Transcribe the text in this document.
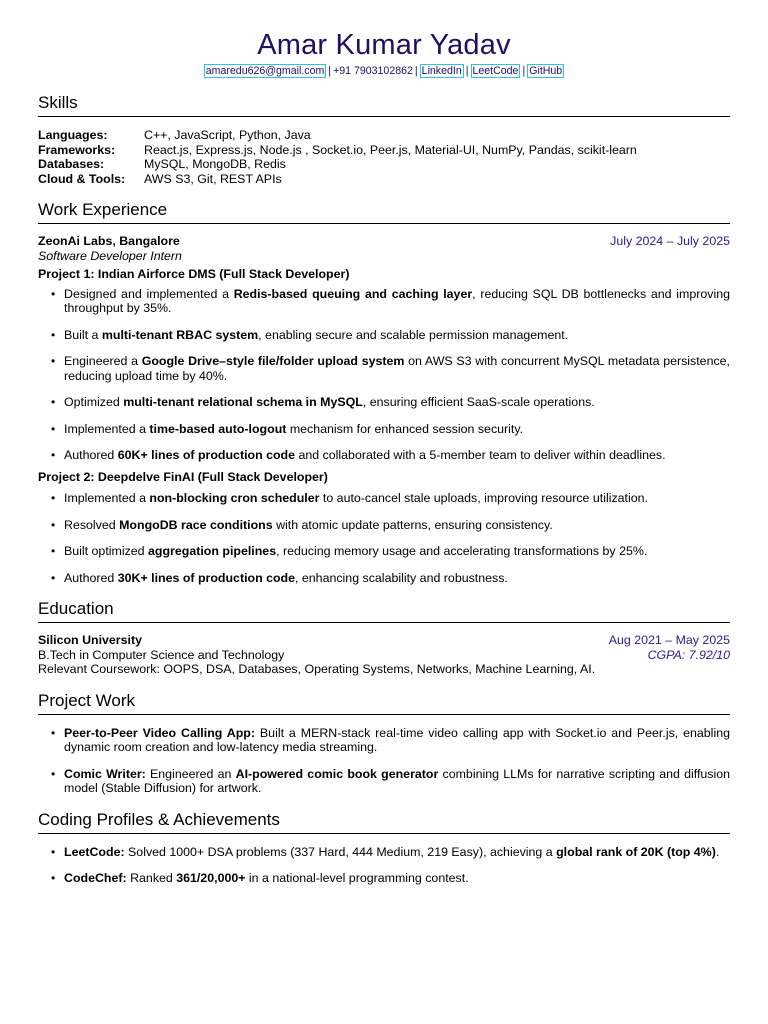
Amar Kumar Yadav
amaredu626@gmail.com | +91 7903102862 | LinkedIn | LeetCode | GitHub
Skills
Languages:	C++, JavaScript, Python, Java
Frameworks:	React.js, Express.js, Node.js , Socket.io, Peer.js, Material-UI, NumPy, Pandas, scikit-learn
Databases:	MySQL, MongoDB, Redis
Cloud & Tools:	AWS S3, Git, REST APIs
Work Experience
ZeonAi Labs, Bangalore	July 2024 – July 2025
Software Developer Intern
Project 1: Indian Airforce DMS (Full Stack Developer)
• Designed and implemented a Redis-based queuing and caching layer, reducing SQL DB bottlenecks and improving throughput by 35%.
• Built a multi-tenant RBAC system, enabling secure and scalable permission management.
• Engineered a Google Drive–style file/folder upload system on AWS S3 with concurrent MySQL metadata persistence, reducing upload time by 40%.
• Optimized multi-tenant relational schema in MySQL, ensuring efficient SaaS-scale operations.
• Implemented a time-based auto-logout mechanism for enhanced session security.
• Authored 60K+ lines of production code and collaborated with a 5-member team to deliver within deadlines.
Project 2: Deepdelve FinAI (Full Stack Developer)
• Implemented a non-blocking cron scheduler to auto-cancel stale uploads, improving resource utilization.
• Resolved MongoDB race conditions with atomic update patterns, ensuring consistency.
• Built optimized aggregation pipelines, reducing memory usage and accelerating transformations by 25%.
• Authored 30K+ lines of production code, enhancing scalability and robustness.
Education
Silicon University	Aug 2021 – May 2025
B.Tech in Computer Science and Technology	CGPA: 7.92/10
Relevant Coursework: OOPS, DSA, Databases, Operating Systems, Networks, Machine Learning, AI.
Project Work
• Peer-to-Peer Video Calling App: Built a MERN-stack real-time video calling app with Socket.io and Peer.js, enabling dynamic room creation and low-latency media streaming.
• Comic Writer: Engineered an AI-powered comic book generator combining LLMs for narrative scripting and diffusion model (Stable Diffusion) for artwork.
Coding Profiles & Achievements
• LeetCode: Solved 1000+ DSA problems (337 Hard, 444 Medium, 219 Easy), achieving a global rank of 20K (top 4%).
• CodeChef: Ranked 361/20,000+ in a national-level programming contest.
